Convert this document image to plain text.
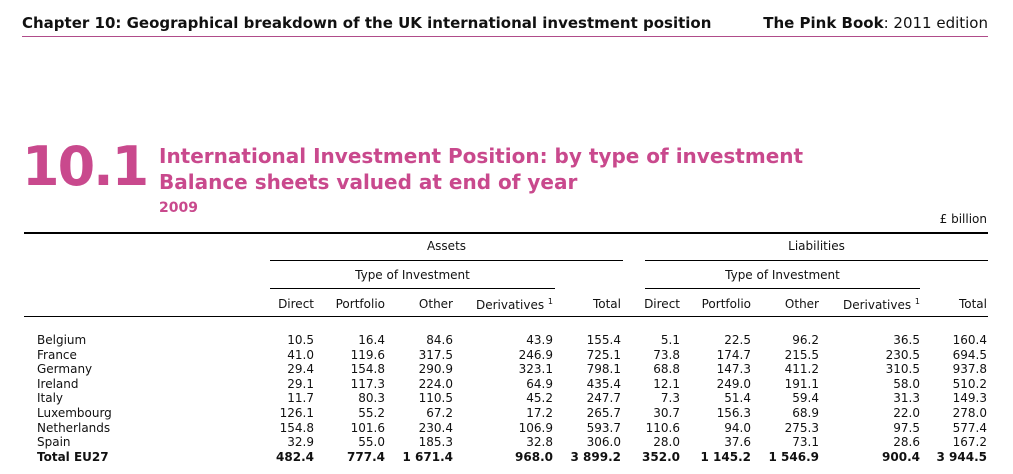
Chapter 10: Geographical breakdown of the UK international investment position	The Pink Book: 2011 edition
10.1 International Investment Position: by type of investment
Balance sheets valued at end of year
2009
£ billion
Assets	Liabilities
Type of Investment	Type of Investment
Direct	Portfolio	Other	Derivatives $^1$	Total	Direct	Portfolio	Other	Derivatives $^1$	Total
Belgium	10.5	16.4	84.6	43.9	155.4	5.1	22.5	96.2	36.5	160.4
France	41.0	119.6	317.5	246.9	725.1	73.8	174.7	215.5	230.5	694.5
Germany	29.4	154.8	290.9	323.1	798.1	68.8	147.3	411.2	310.5	937.8
Ireland	29.1	117.3	224.0	64.9	435.4	12.1	249.0	191.1	58.0	510.2
Italy	11.7	80.3	110.5	45.2	247.7	7.3	51.4	59.4	31.3	149.3
Luxembourg	126.1	55.2	67.2	17.2	265.7	30.7	156.3	68.9	22.0	278.0
Netherlands	154.8	101.6	230.4	106.9	593.7	110.6	94.0	275.3	97.5	577.4
Spain	32.9	55.0	185.3	32.8	306.0	28.0	37.6	73.1	28.6	167.2
Total EU27	482.4	777.4	1 671.4	968.0	3 899.2	352.0	1 145.2	1 546.9	900.4	3 944.5
